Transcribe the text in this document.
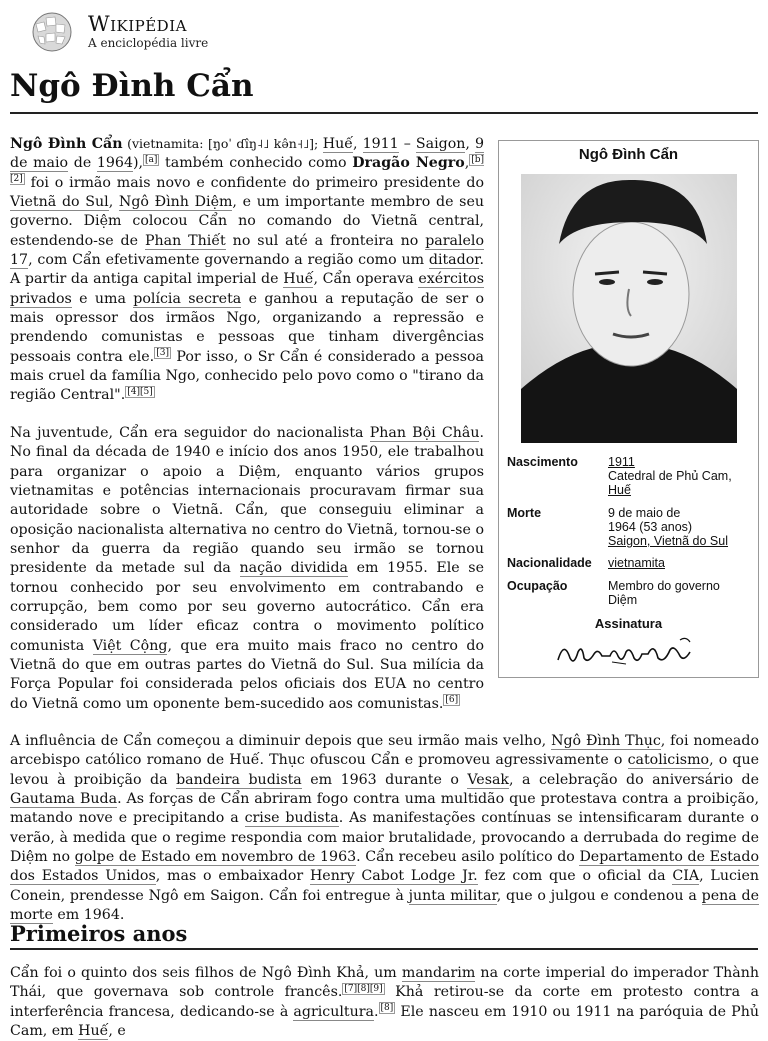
Wikipédia
A enciclopédia livre
Ngô Đình Cẩn

Ngô Đình Cẩn (vietnamita: [ŋoˈ ɗîŋ˨˩ kə̂n˧˩]; Huế, 1911 – Saigon, 9 de maio de 1964), [a] também conhecido como Dragão Negro, [b][2] foi o irmão mais novo e confidente do primeiro presidente do Vietnã do Sul, Ngô Đình Diệm, e um importante membro de seu governo. Diệm colocou Cẩn no comando do Vietnã central, estendendo-se de Phan Thiết no sul até a fronteira no paralelo 17, com Cẩn efetivamente governando a região como um ditador. A partir da antiga capital imperial de Huế, Cẩn operava exércitos privados e uma polícia secreta e ganhou a reputação de ser o mais opressor dos irmãos Ngo, organizando a repressão e prendendo comunistas e pessoas que tinham divergências pessoais contra ele. [3] Por isso, o Sr Cẩn é considerado a pessoa mais cruel da família Ngo, conhecido pelo povo como o "tirano da região Central". [4][5]

Na juventude, Cẩn era seguidor do nacionalista Phan Bội Châu. No final da década de 1940 e início dos anos 1950, ele trabalhou para organizar o apoio a Diệm, enquanto vários grupos vietnamitas e potências internacionais procuravam firmar sua autoridade sobre o Vietnã. Cẩn, que conseguiu eliminar a oposição nacionalista alternativa no centro do Vietnã, tornou-se o senhor da guerra da região quando seu irmão se tornou presidente da metade sul da nação dividida em 1955. Ele se tornou conhecido por seu envolvimento em contrabando e corrupção, bem como por seu governo autocrático. Cẩn era considerado um líder eficaz contra o movimento político comunista Việt Cộng, que era muito mais fraco no centro do Vietnã do que em outras partes do Vietnã do Sul. Sua milícia da Força Popular foi considerada pelos oficiais dos EUA no centro do Vietnã como um oponente bem-sucedido aos comunistas. [6]

A influência de Cẩn começou a diminuir depois que seu irmão mais velho, Ngô Đình Thục, foi nomeado arcebispo católico romano de Huế. Thục ofuscou Cẩn e promoveu agressivamente o catolicismo, o que levou à proibição da bandeira budista em 1963 durante o Vesak, a celebração do aniversário de Gautama Buda. As forças de Cẩn abriram fogo contra uma multidão que protestava contra a proibição, matando nove e precipitando a crise budista. As manifestações contínuas se intensificaram durante o verão, à medida que o regime respondia com maior brutalidade, provocando a derrubada do regime de Diệm no golpe de Estado em novembro de 1963. Cẩn recebeu asilo político do Departamento de Estado dos Estados Unidos, mas o embaixador Henry Cabot Lodge Jr. fez com que o oficial da CIA, Lucien Conein, prendesse Ngô em Saigon. Cẩn foi entregue à junta militar, que o julgou e condenou a pena de morte em 1964.

Primeiros anos

Cẩn foi o quinto dos seis filhos de Ngô Đình Khả, um mandarim na corte imperial do imperador Thành Thái, que governava sob controle francês. [7][8][9] Khả retirou-se da corte em protesto contra a interferência francesa, dedicando-se à agricultura. [8] Ele nasceu em 1910 ou 1911 na paróquia de Phủ Cam, em Huế, e

Ngô Đình Cẩn
Nascimento 1911
Catedral de Phủ Cam,
Huế
Morte	9 de maio de
1964 (53 anos)
Saigon, Vietnã do Sul
Nacionalidade vietnamita
Ocupação	Membro do governo
Diệm
Assinatura
